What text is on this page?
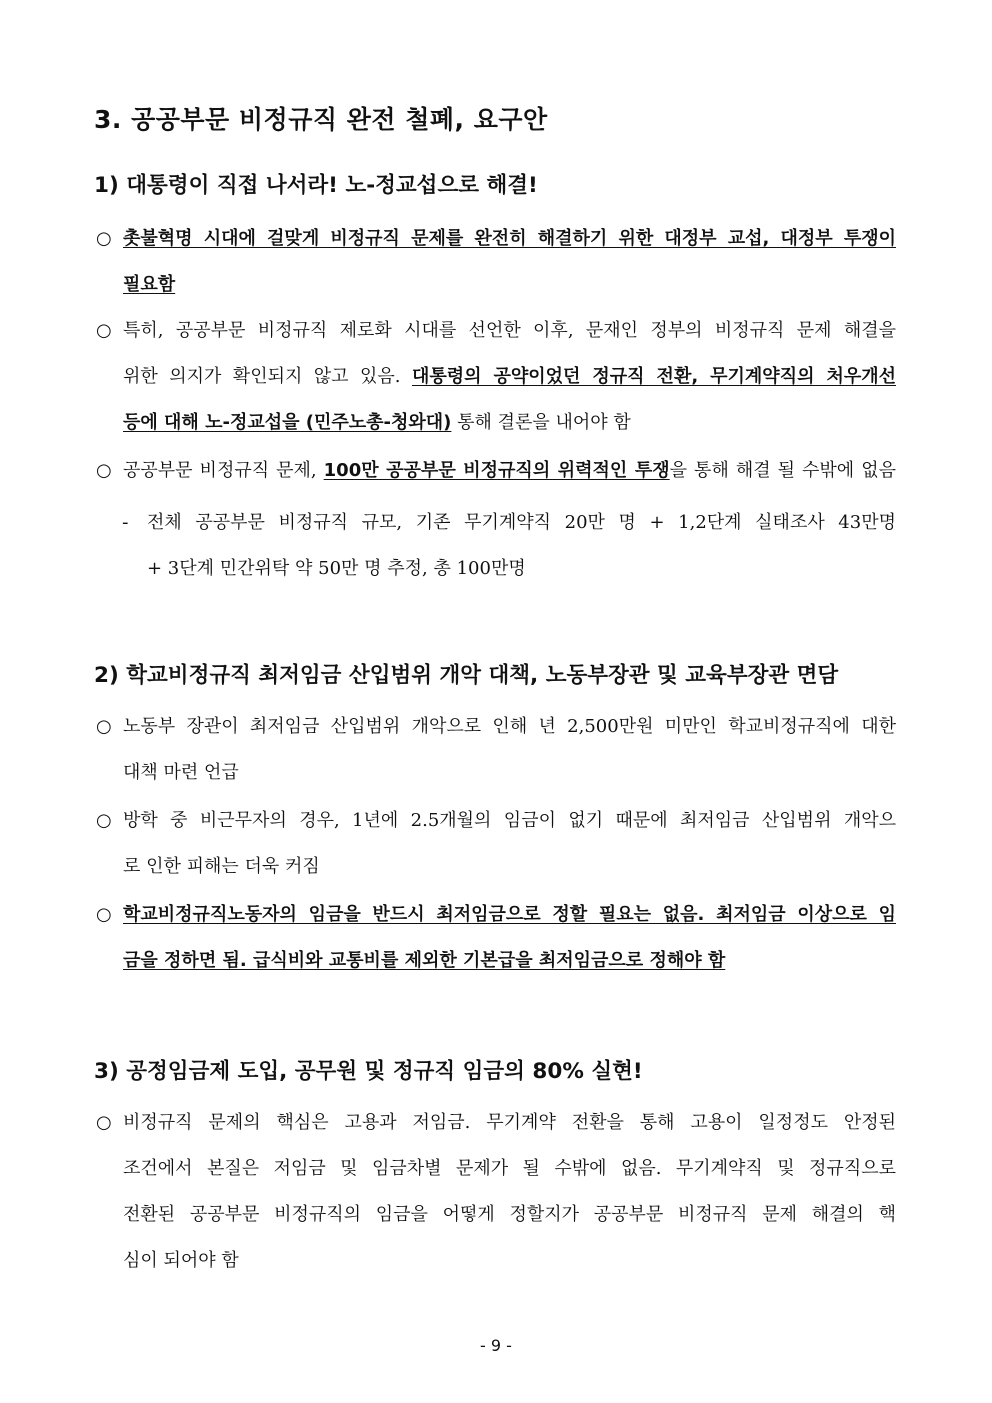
3. 공공부문 비정규직 완전 철폐, 요구안
1) 대통령이 직접 나서라! 노-정교섭으로 해결!
○ 촛불혁명 시대에 걸맞게 비정규직 문제를 완전히 해결하기 위한 대정부 교섭, 대정부 투쟁이
필요함
○ 특히, 공공부문 비정규직 제로화 시대를 선언한 이후, 문재인 정부의 비정규직 문제 해결을
위한 의지가 확인되지 않고 있음. 대통령의 공약이었던 정규직 전환, 무기계약직의 처우개선
등에 대해 노-정교섭을 (민주노총-청와대) 통해 결론을 내어야 함
○ 공공부문 비정규직 문제, 100만 공공부문 비정규직의 위력적인 투쟁을 통해 해결 될 수밖에 없음
- 전체 공공부문 비정규직 규모, 기존 무기계약직 20만 명 + 1,2단계 실태조사 43만명
+ 3단계 민간위탁 약 50만 명 추정, 총 100만명
2) 학교비정규직 최저임금 산입범위 개악 대책, 노동부장관 및 교육부장관 면담
○ 노동부 장관이 최저임금 산입범위 개악으로 인해 년 2,500만원 미만인 학교비정규직에 대한
대책 마련 언급
○ 방학 중 비근무자의 경우, 1년에 2.5개월의 임금이 없기 때문에 최저임금 산입범위 개악으
로 인한 피해는 더욱 커짐
○ 학교비정규직노동자의 임금을 반드시 최저임금으로 정할 필요는 없음. 최저임금 이상으로 임
금을 정하면 됨. 급식비와 교통비를 제외한 기본급을 최저임금으로 정해야 함
3) 공정임금제 도입, 공무원 및 정규직 임금의 80% 실현!
○ 비정규직 문제의 핵심은 고용과 저임금. 무기계약 전환을 통해 고용이 일정정도 안정된
조건에서 본질은 저임금 및 임금차별 문제가 될 수밖에 없음. 무기계약직 및 정규직으로
전환된 공공부문 비정규직의 임금을 어떻게 정할지가 공공부문 비정규직 문제 해결의 핵
심이 되어야 함
- 9 -
